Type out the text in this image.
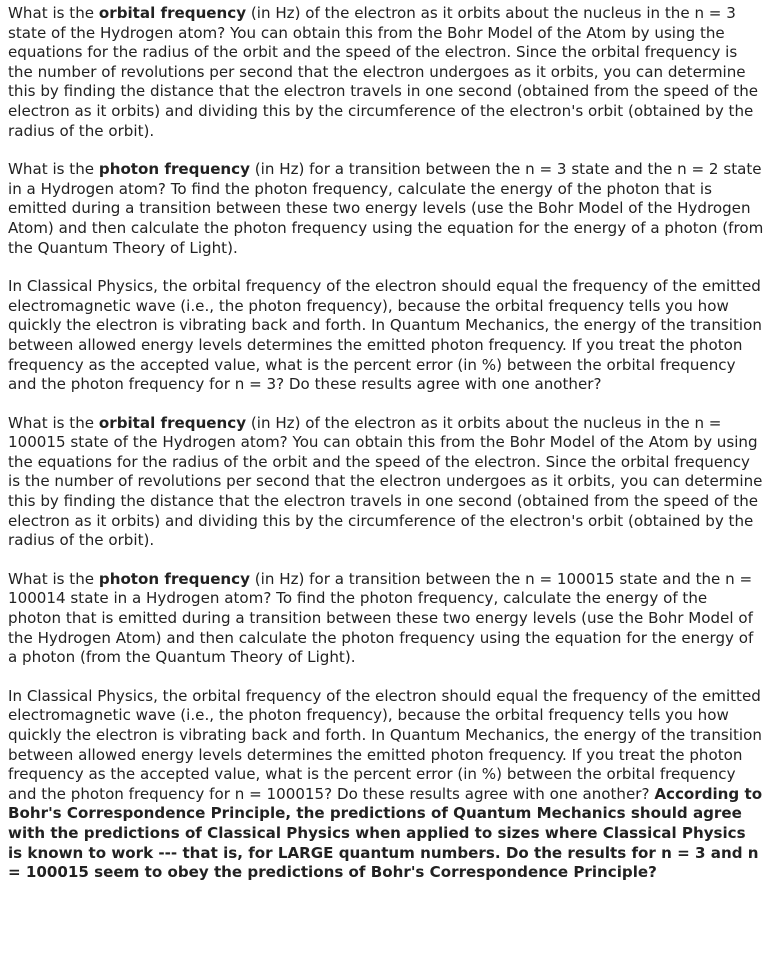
What is the orbital frequency (in Hz) of the electron as it orbits about the nucleus in the n = 3 state of the Hydrogen atom? You can obtain this from the Bohr Model of the Atom by using the equations for the radius of the orbit and the speed of the electron. Since the orbital frequency is the number of revolutions per second that the electron undergoes as it orbits, you can determine this by finding the distance that the electron travels in one second (obtained from the speed of the electron as it orbits) and dividing this by the circumference of the electron's orbit (obtained by the radius of the orbit).

What is the photon frequency (in Hz) for a transition between the n = 3 state and the n = 2 state in a Hydrogen atom? To find the photon frequency, calculate the energy of the photon that is emitted during a transition between these two energy levels (use the Bohr Model of the Hydrogen Atom) and then calculate the photon frequency using the equation for the energy of a photon (from the Quantum Theory of Light).

In Classical Physics, the orbital frequency of the electron should equal the frequency of the emitted electromagnetic wave (i.e., the photon frequency), because the orbital frequency tells you how quickly the electron is vibrating back and forth. In Quantum Mechanics, the energy of the transition between allowed energy levels determines the emitted photon frequency. If you treat the photon frequency as the accepted value, what is the percent error (in %) between the orbital frequency and the photon frequency for n = 3? Do these results agree with one another?

What is the orbital frequency (in Hz) of the electron as it orbits about the nucleus in the n = 100015 state of the Hydrogen atom? You can obtain this from the Bohr Model of the Atom by using the equations for the radius of the orbit and the speed of the electron. Since the orbital frequency is the number of revolutions per second that the electron undergoes as it orbits, you can determine this by finding the distance that the electron travels in one second (obtained from the speed of the electron as it orbits) and dividing this by the circumference of the electron's orbit (obtained by the radius of the orbit).

What is the photon frequency (in Hz) for a transition between the n = 100015 state and the n = 100014 state in a Hydrogen atom? To find the photon frequency, calculate the energy of the photon that is emitted during a transition between these two energy levels (use the Bohr Model of the Hydrogen Atom) and then calculate the photon frequency using the equation for the energy of a photon (from the Quantum Theory of Light).

In Classical Physics, the orbital frequency of the electron should equal the frequency of the emitted electromagnetic wave (i.e., the photon frequency), because the orbital frequency tells you how quickly the electron is vibrating back and forth. In Quantum Mechanics, the energy of the transition between allowed energy levels determines the emitted photon frequency. If you treat the photon frequency as the accepted value, what is the percent error (in %) between the orbital frequency and the photon frequency for n = 100015? Do these results agree with one another? According to Bohr's Correspondence Principle, the predictions of Quantum Mechanics should agree with the predictions of Classical Physics when applied to sizes where Classical Physics is known to work --- that is, for LARGE quantum numbers. Do the results for n = 3 and n = 100015 seem to obey the predictions of Bohr's Correspondence Principle?
